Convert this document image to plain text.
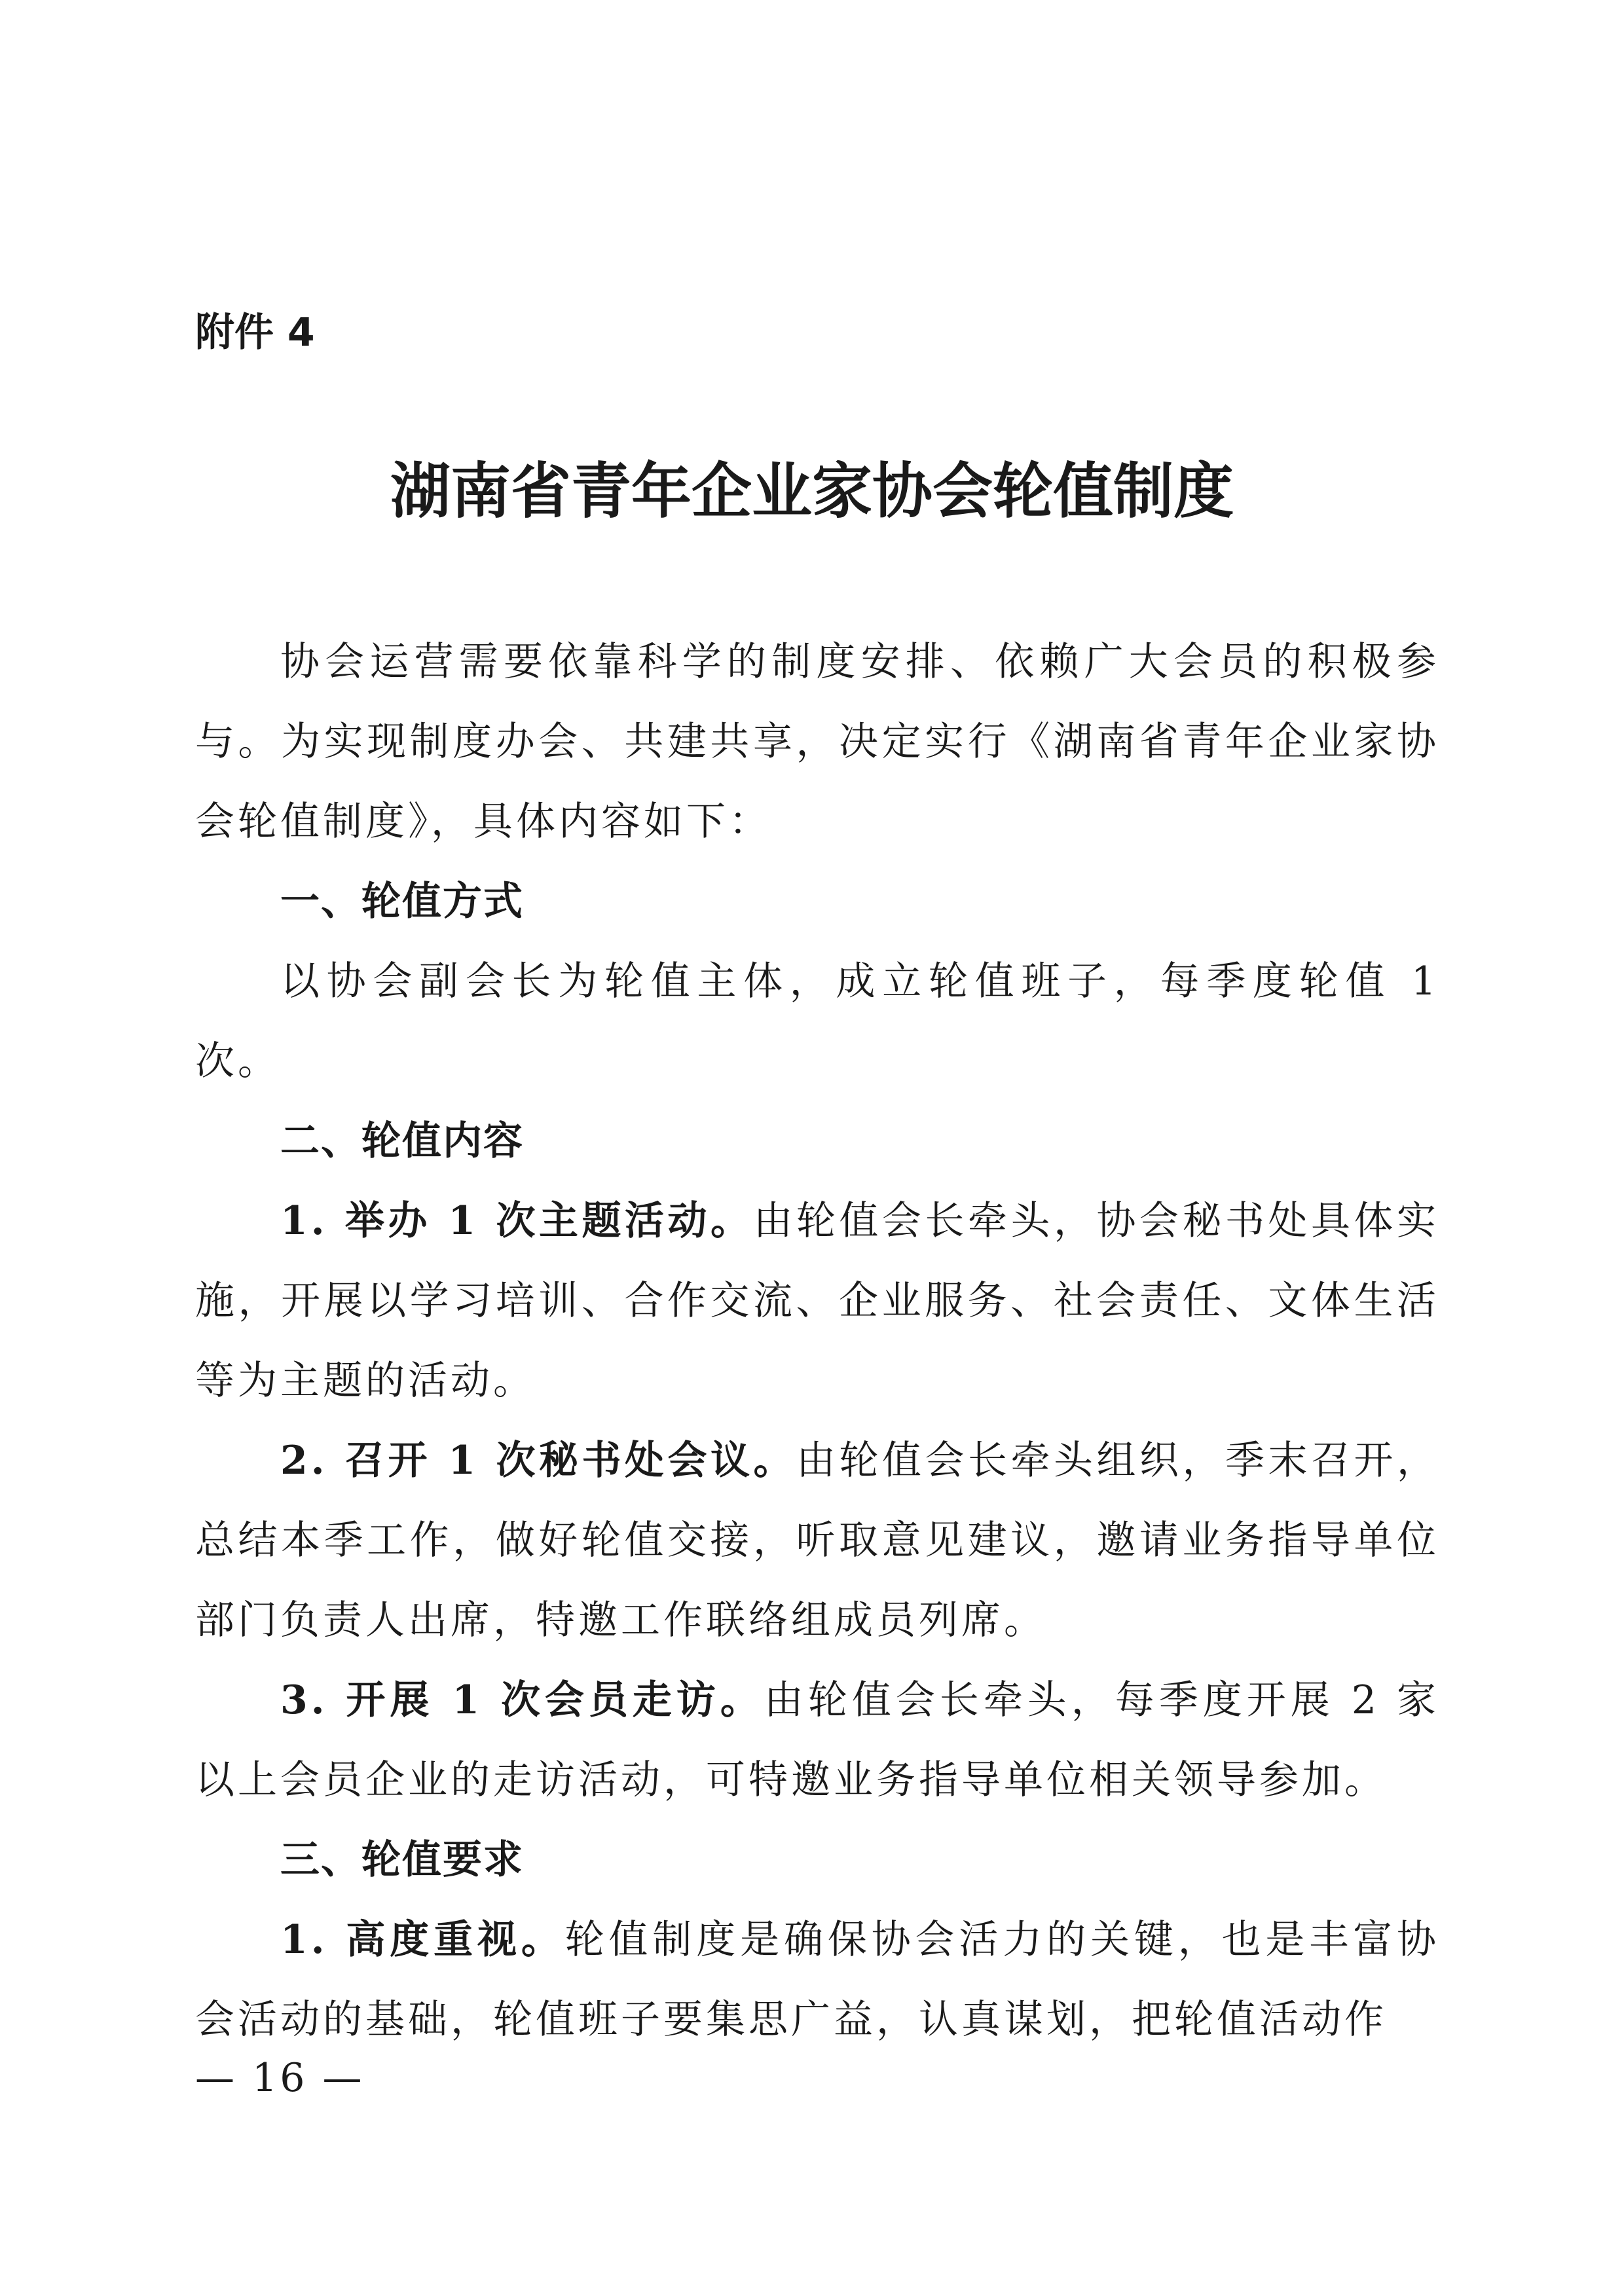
附件 4
湖南省青年企业家协会轮值制度

协会运营需要依靠科学的制度安排、依赖广大会员的积极参与。为实现制度办会、共建共享，决定实行《湖南省青年企业家协会轮值制度》，具体内容如下：

一、轮值方式

以协会副会长为轮值主体，成立轮值班子，每季度轮值 1 次。

二、轮值内容

1. 举办 1 次主题活动。由轮值会长牵头，协会秘书处具体实施，开展以学习培训、合作交流、企业服务、社会责任、文体生活等为主题的活动。

2. 召开 1 次秘书处会议。由轮值会长牵头组织，季末召开，总结本季工作，做好轮值交接，听取意见建议，邀请业务指导单位部门负责人出席，特邀工作联络组成员列席。

3. 开展 1 次会员走访。由轮值会长牵头，每季度开展 2 家以上会员企业的走访活动，可特邀业务指导单位相关领导参加。

三、轮值要求

1. 高度重视。轮值制度是确保协会活力的关键，也是丰富协会活动的基础，轮值班子要集思广益，认真谋划，把轮值活动作

— 16 —
